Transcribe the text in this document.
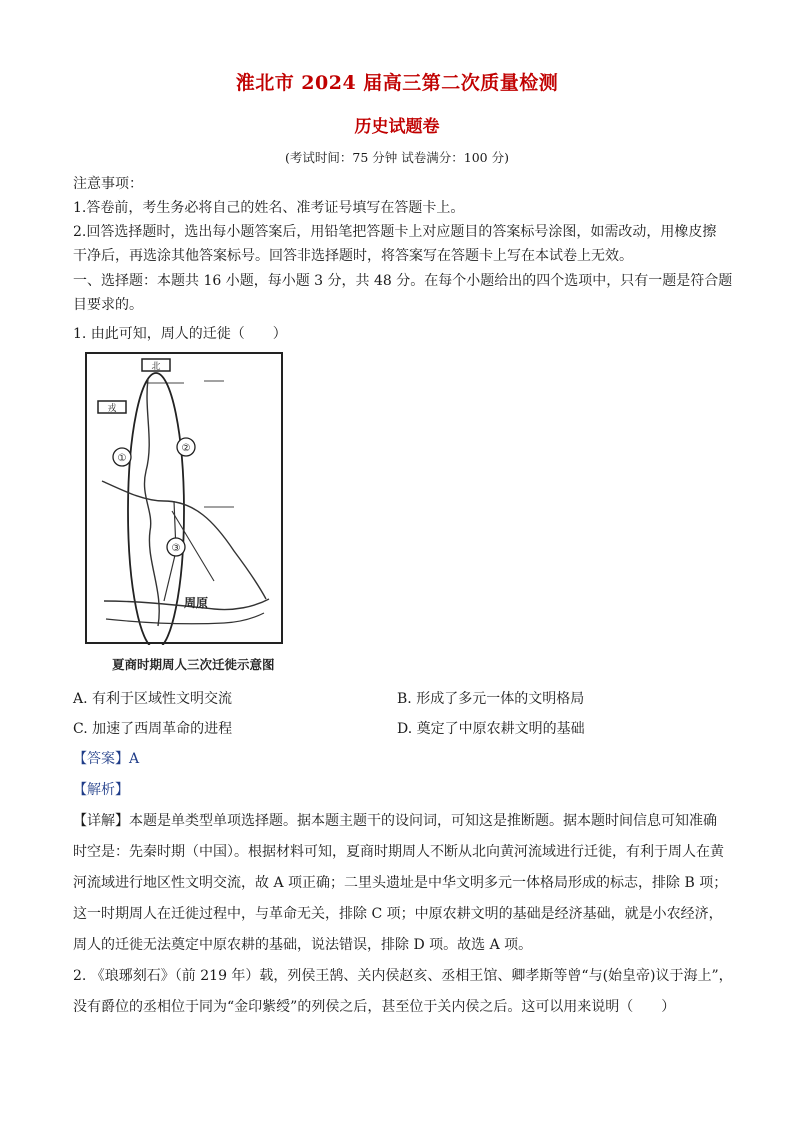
淮北市 2024 届高三第二次质量检测
历史试题卷
(考试时间：75 分钟 试卷满分：100 分)
注意事项：
1.答卷前，考生务必将自己的姓名、准考证号填写在答题卡上。
2.回答选择题时，选出每小题答案后，用铅笔把答题卡上对应题目的答案标号涂图，如需改动，用橡皮擦
干净后，再选涂其他答案标号。回答非选择题时，将答案写在答题卡上写在本试卷上无效。
一、选择题：本题共 16 小题，每小题 3 分，共 48 分。在每个小题给出的四个选项中，只有一题是符合题
目要求的。
1. 由此可知，周人的迁徙（　　）
北
戎
①
②
③
周原
夏商时期周人三次迁徙示意图
A. 有利于区域性文明交流	B. 形成了多元一体的文明格局
C. 加速了西周革命的进程	D. 奠定了中原农耕文明的基础
【答案】A
【解析】
【详解】本题是单类型单项选择题。据本题主题干的设问词，可知这是推断题。据本题时间信息可知准确
时空是：先秦时期（中国）。根据材料可知，夏商时期周人不断从北向黄河流域进行迁徙，有利于周人在黄
河流域进行地区性文明交流，故 A 项正确；二里头遗址是中华文明多元一体格局形成的标志，排除 B 项；
这一时期周人在迁徙过程中，与革命无关，排除 C 项；中原农耕文明的基础是经济基础，就是小农经济，
周人的迁徙无法奠定中原农耕的基础，说法错误，排除 D 项。故选 A 项。
2. 《琅琊刻石》（前 219 年）载，列侯王鹄、关内侯赵亥、丞相王馆、卿孝斯等曾“与(始皇帝)议于海上”，
没有爵位的丞相位于同为“金印紫绶”的列侯之后，甚至位于关内侯之后。这可以用来说明（　　）
